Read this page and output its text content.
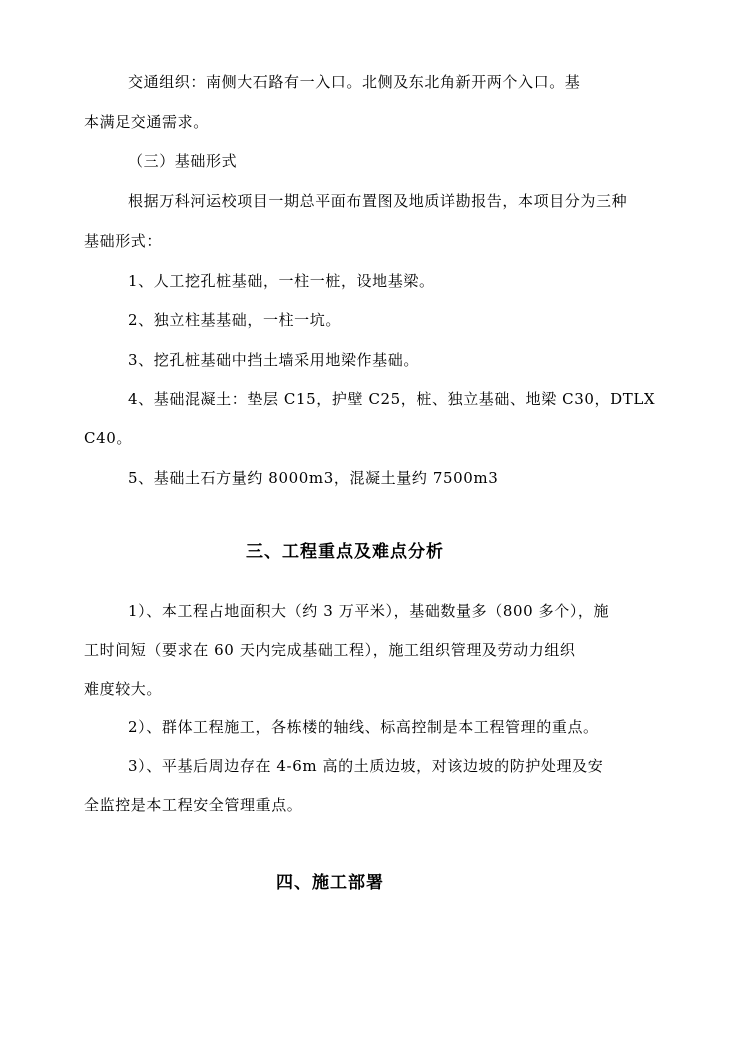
交通组织：南侧大石路有一入口。北侧及东北角新开两个入口。基
本满足交通需求。
（三）基础形式
根据万科河运校项目一期总平面布置图及地质详勘报告，本项目分为三种
基础形式：
1、人工挖孔桩基础，一柱一桩，设地基梁。
2、独立柱基基础，一柱一坑。
3、挖孔桩基础中挡土墙采用地梁作基础。
4、基础混凝土：垫层 C15，护壁 C25，桩、独立基础、地梁 C30，DTLX
C40。
5、基础土石方量约 8000m3，混凝土量约 7500m3
三、工程重点及难点分析
1）、本工程占地面积大（约 3 万平米），基础数量多（800 多个），施
工时间短（要求在 60 天内完成基础工程），施工组织管理及劳动力组织
难度较大。
2）、群体工程施工，各栋楼的轴线、标高控制是本工程管理的重点。
3）、平基后周边存在 4-6m 高的土质边坡，对该边坡的防护处理及安
全监控是本工程安全管理重点。
四、施工部署
